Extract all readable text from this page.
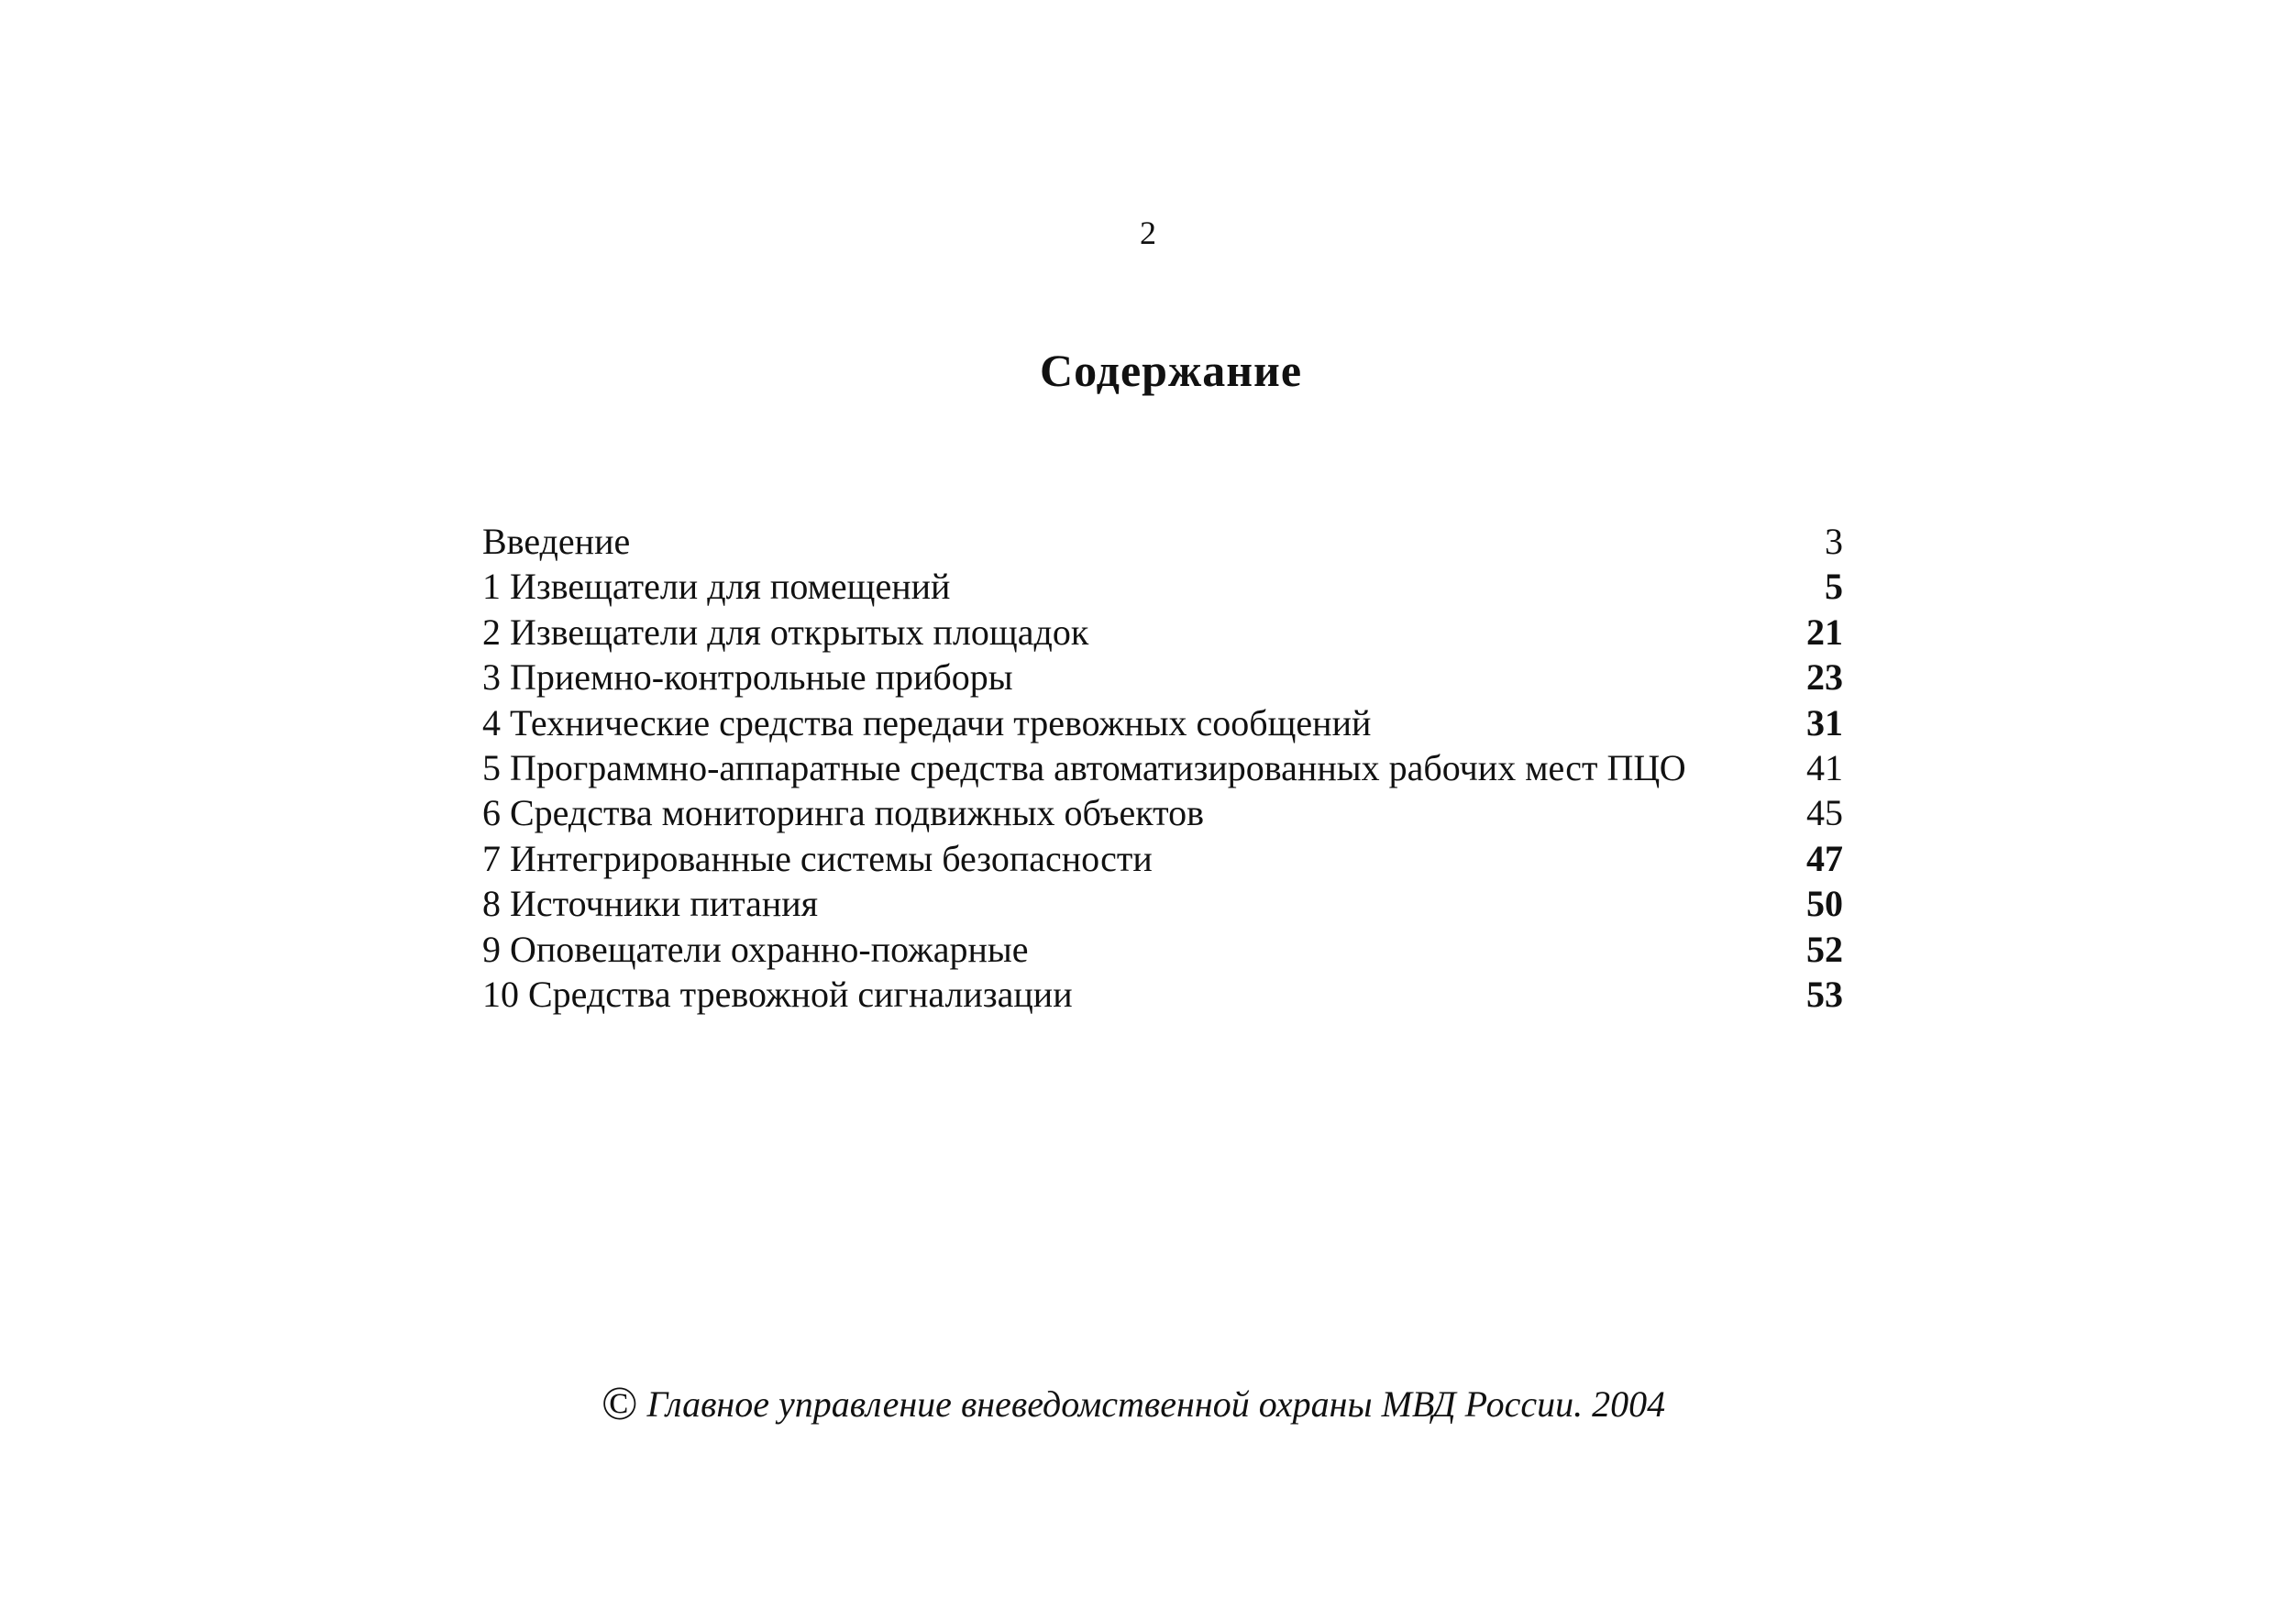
2
Содержание
Введение	3
1 Извещатели для помещений	5
2 Извещатели для открытых площадок	21
3 Приемно-контрольные приборы	23
4 Технические средства передачи тревожных сообщений	31
5 Программно-аппаратные средства автоматизированных рабочих мест ПЦО	41
6 Средства мониторинга подвижных объектов	45
7 Интегрированные системы безопасности	47
8 Источники питания	50
9 Оповещатели охранно-пожарные	52
10 Средства тревожной сигнализации	53
© Главное управление вневедомственной охраны МВД России. 2004
